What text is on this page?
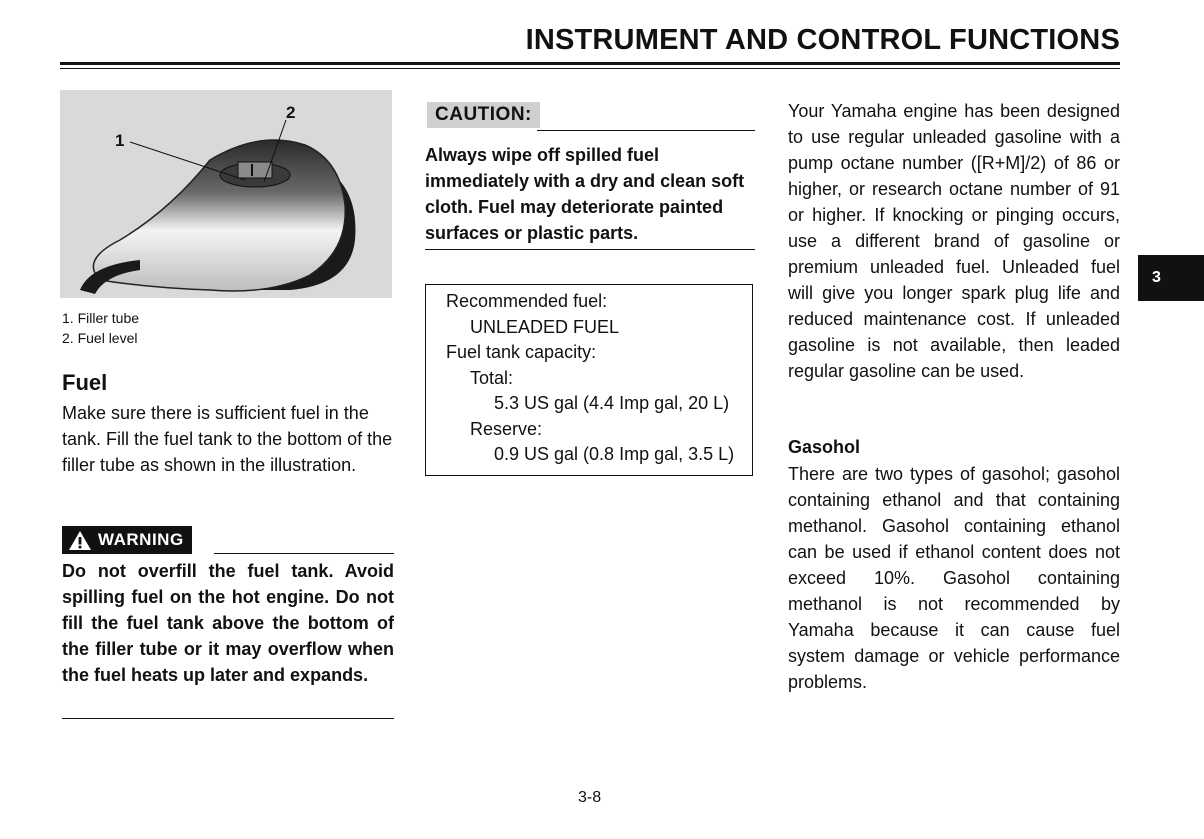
INSTRUMENT AND CONTROL FUNCTIONS
1
2
1. Filler tube
2. Fuel level
Fuel
Make sure there is sufficient fuel in the tank. Fill the fuel tank to the bottom of the filler tube as shown in the illustration.
WARNING
Do not overfill the fuel tank. Avoid spilling fuel on the hot engine. Do not fill the fuel tank above the bottom of the filler tube or it may overflow when the fuel heats up later and expands.
CAUTION:
Always wipe off spilled fuel immediately with a dry and clean soft cloth. Fuel may deteriorate painted surfaces or plastic parts.
Recommended fuel:
UNLEADED FUEL
Fuel tank capacity:
Total:
5.3 US gal (4.4 Imp gal, 20 L)
Reserve:
0.9 US gal (0.8 Imp gal, 3.5 L)
Your Yamaha engine has been designed to use regular unleaded gasoline with a pump octane number ([R+M]/2) of 86 or higher, or research octane number of 91 or higher. If knocking or pinging occurs, use a different brand of gasoline or premium unleaded fuel. Unleaded fuel will give you longer spark plug life and reduced maintenance cost. If unleaded gasoline is not available, then leaded regular gasoline can be used.
Gasohol
There are two types of gasohol; gasohol containing ethanol and that containing methanol. Gasohol containing ethanol can be used if ethanol content does not exceed 10%. Gasohol containing methanol is not recommended by Yamaha because it can cause fuel system damage or vehicle performance problems.
3
3-8
